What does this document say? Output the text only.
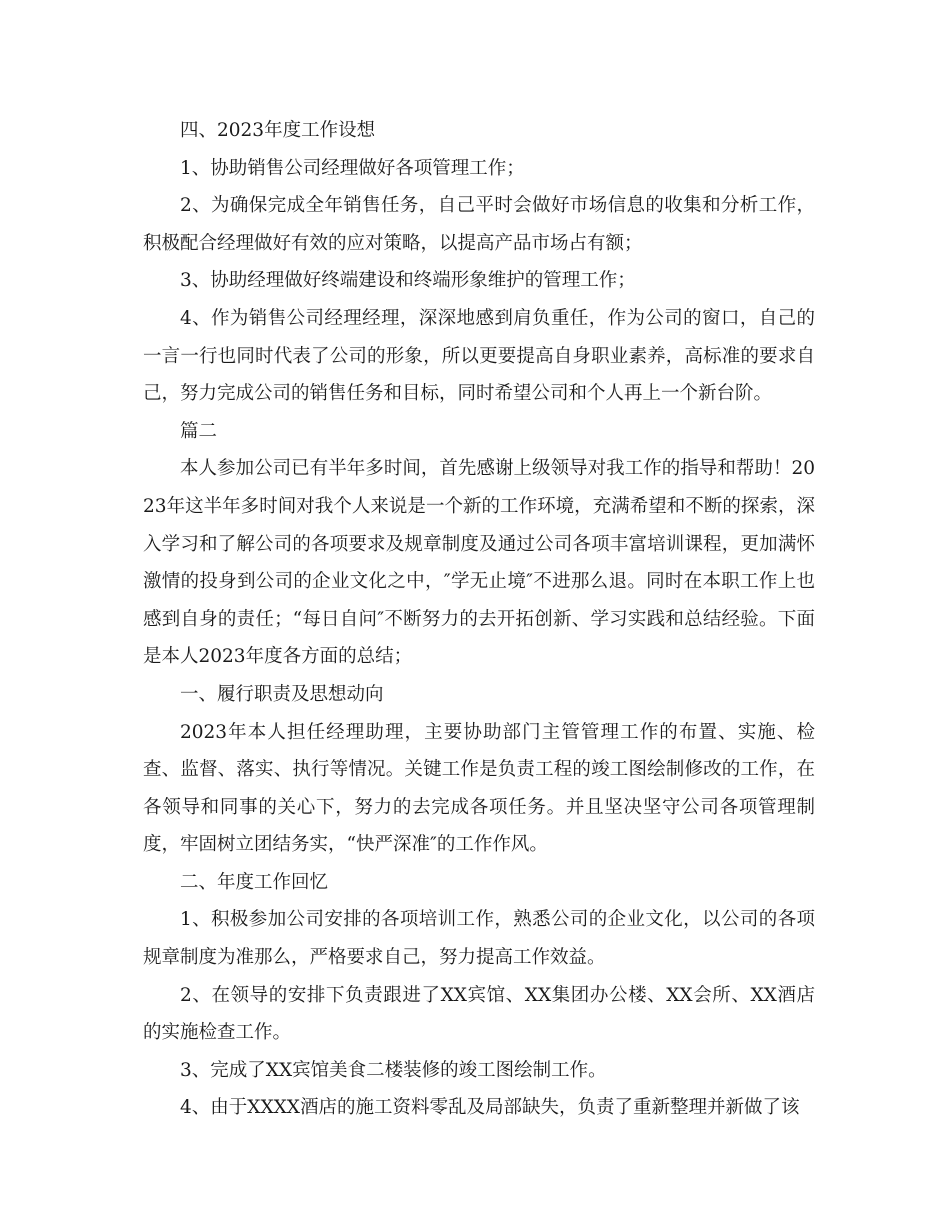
四、2023年度工作设想

1、协助销售公司经理做好各项管理工作；

2、为确保完成全年销售任务，自己平时会做好市场信息的收集和分析工作，积极配合经理做好有效的应对策略，以提高产品市场占有额；

3、协助经理做好终端建设和终端形象维护的管理工作；

4、作为销售公司经理经理，深深地感到肩负重任，作为公司的窗口，自己的一言一行也同时代表了公司的形象，所以更要提高自身职业素养，高标准的要求自己，努力完成公司的销售任务和目标，同时希望公司和个人再上一个新台阶。

篇二

本人参加公司已有半年多时间，首先感谢上级领导对我工作的指导和帮助！2023年这半年多时间对我个人来说是一个新的工作环境，充满希望和不断的探索，深入学习和了解公司的各项要求及规章制度及通过公司各项丰富培训课程，更加满怀激情的投身到公司的企业文化之中，″学无止境″不进那么退。同时在本职工作上也感到自身的责任；“每日自问″不断努力的去开拓创新、学习实践和总结经验。下面是本人2023年度各方面的总结；

一、履行职责及思想动向

2023年本人担任经理助理，主要协助部门主管管理工作的布置、实施、检查、监督、落实、执行等情况。关键工作是负责工程的竣工图绘制修改的工作，在各领导和同事的关心下，努力的去完成各项任务。并且坚决坚守公司各项管理制度，牢固树立团结务实，“快严深准″的工作作风。

二、年度工作回忆

1、积极参加公司安排的各项培训工作，熟悉公司的企业文化，以公司的各项规章制度为准那么，严格要求自己，努力提高工作效益。

2、在领导的安排下负责跟进了XX宾馆、XX集团办公楼、XX会所、XX酒店的实施检查工作。

3、完成了XX宾馆美食二楼装修的竣工图绘制工作。

4、由于XXXX酒店的施工资料零乱及局部缺失，负责了重新整理并新做了该
